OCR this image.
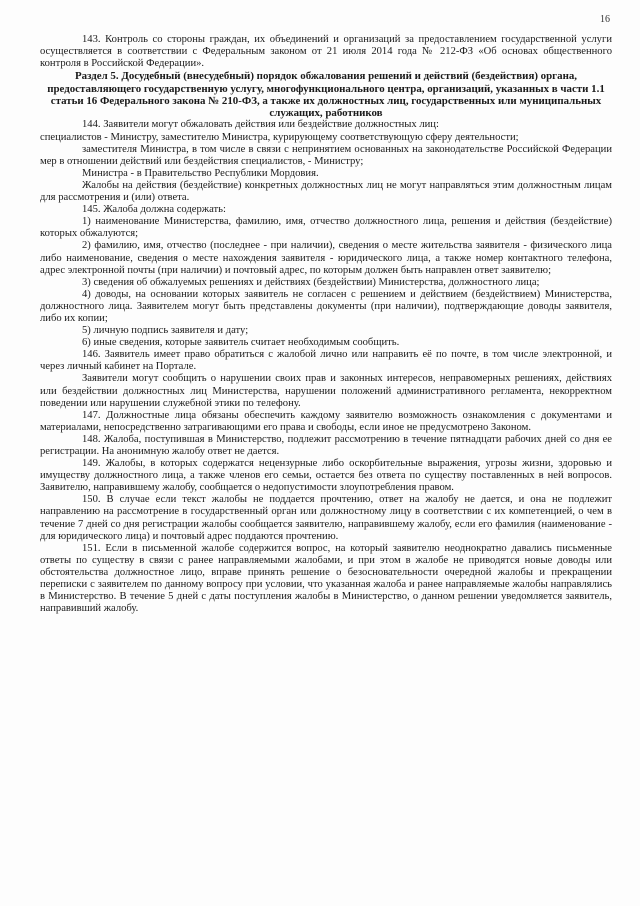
16

143. Контроль со стороны граждан, их объединений и организаций за предоставлением государственной услуги осуществляется в соответствии с Федеральным законом от 21 июля 2014 года № 212-ФЗ «Об основах общественного контроля в Российской Федерации».

Раздел 5. Досудебный (внесудебный) порядок обжалования решений и действий (бездействия) органа, предоставляющего государственную услугу, многофункционального центра, организаций, указанных в части 1.1 статьи 16 Федерального закона № 210-ФЗ, а также их должностных лиц, государственных или муниципальных служащих, работников

144. Заявители могут обжаловать действия или бездействие должностных лиц:

специалистов - Министру, заместителю Министра, курирующему соответствующую сферу деятельности;

заместителя Министра, в том числе в связи с непринятием основанных на законодательстве Российской Федерации мер в отношении действий или бездействия специалистов, - Министру;

Министра - в Правительство Республики Мордовия.

Жалобы на действия (бездействие) конкретных должностных лиц не могут направляться этим должностным лицам для рассмотрения и (или) ответа.

145. Жалоба должна содержать:

1) наименование Министерства, фамилию, имя, отчество должностного лица, решения и действия (бездействие) которых обжалуются;

2) фамилию, имя, отчество (последнее - при наличии), сведения о месте жительства заявителя - физического лица либо наименование, сведения о месте нахождения заявителя - юридического лица, а также номер контактного телефона, адрес электронной почты (при наличии) и почтовый адрес, по которым должен быть направлен ответ заявителю;

3) сведения об обжалуемых решениях и действиях (бездействии) Министерства, должностного лица;

4) доводы, на основании которых заявитель не согласен с решением и действием (бездействием) Министерства, должностного лица. Заявителем могут быть представлены документы (при наличии), подтверждающие доводы заявителя, либо их копии;

5) личную подпись заявителя и дату;

6) иные сведения, которые заявитель считает необходимым сообщить.

146. Заявитель имеет право обратиться с жалобой лично или направить её по почте, в том числе электронной, и через личный кабинет на Портале.

Заявители могут сообщить о нарушении своих прав и законных интересов, неправомерных решениях, действиях или бездействии должностных лиц Министерства, нарушении положений административного регламента, некорректном поведении или нарушении служебной этики по телефону.

147. Должностные лица обязаны обеспечить каждому заявителю возможность ознакомления с документами и материалами, непосредственно затрагивающими его права и свободы, если иное не предусмотрено Законом.

148. Жалоба, поступившая в Министерство, подлежит рассмотрению в течение пятнадцати рабочих дней со дня ее регистрации. На анонимную жалобу ответ не дается.

149. Жалобы, в которых содержатся нецензурные либо оскорбительные выражения, угрозы жизни, здоровью и имуществу должностного лица, а также членов его семьи, остается без ответа по существу поставленных в ней вопросов. Заявителю, направившему жалобу, сообщается о недопустимости злоупотребления правом.

150. В случае если текст жалобы не поддается прочтению, ответ на жалобу не дается, и она не подлежит направлению на рассмотрение в государственный орган или должностному лицу в соответствии с их компетенцией, о чем в течение 7 дней со дня регистрации жалобы сообщается заявителю, направившему жалобу, если его фамилия (наименование - для юридического лица) и почтовый адрес поддаются прочтению.

151. Если в письменной жалобе содержится вопрос, на который заявителю неоднократно давались письменные ответы по существу в связи с ранее направляемыми жалобами, и при этом в жалобе не приводятся новые доводы или обстоятельства должностное лицо, вправе принять решение о безосновательности очередной жалобы и прекращении переписки с заявителем по данному вопросу при условии, что указанная жалоба и ранее направляемые жалобы направлялись в Министерство. В течение 5 дней с даты поступления жалобы в Министерство, о данном решении уведомляется заявитель, направивший жалобу.
